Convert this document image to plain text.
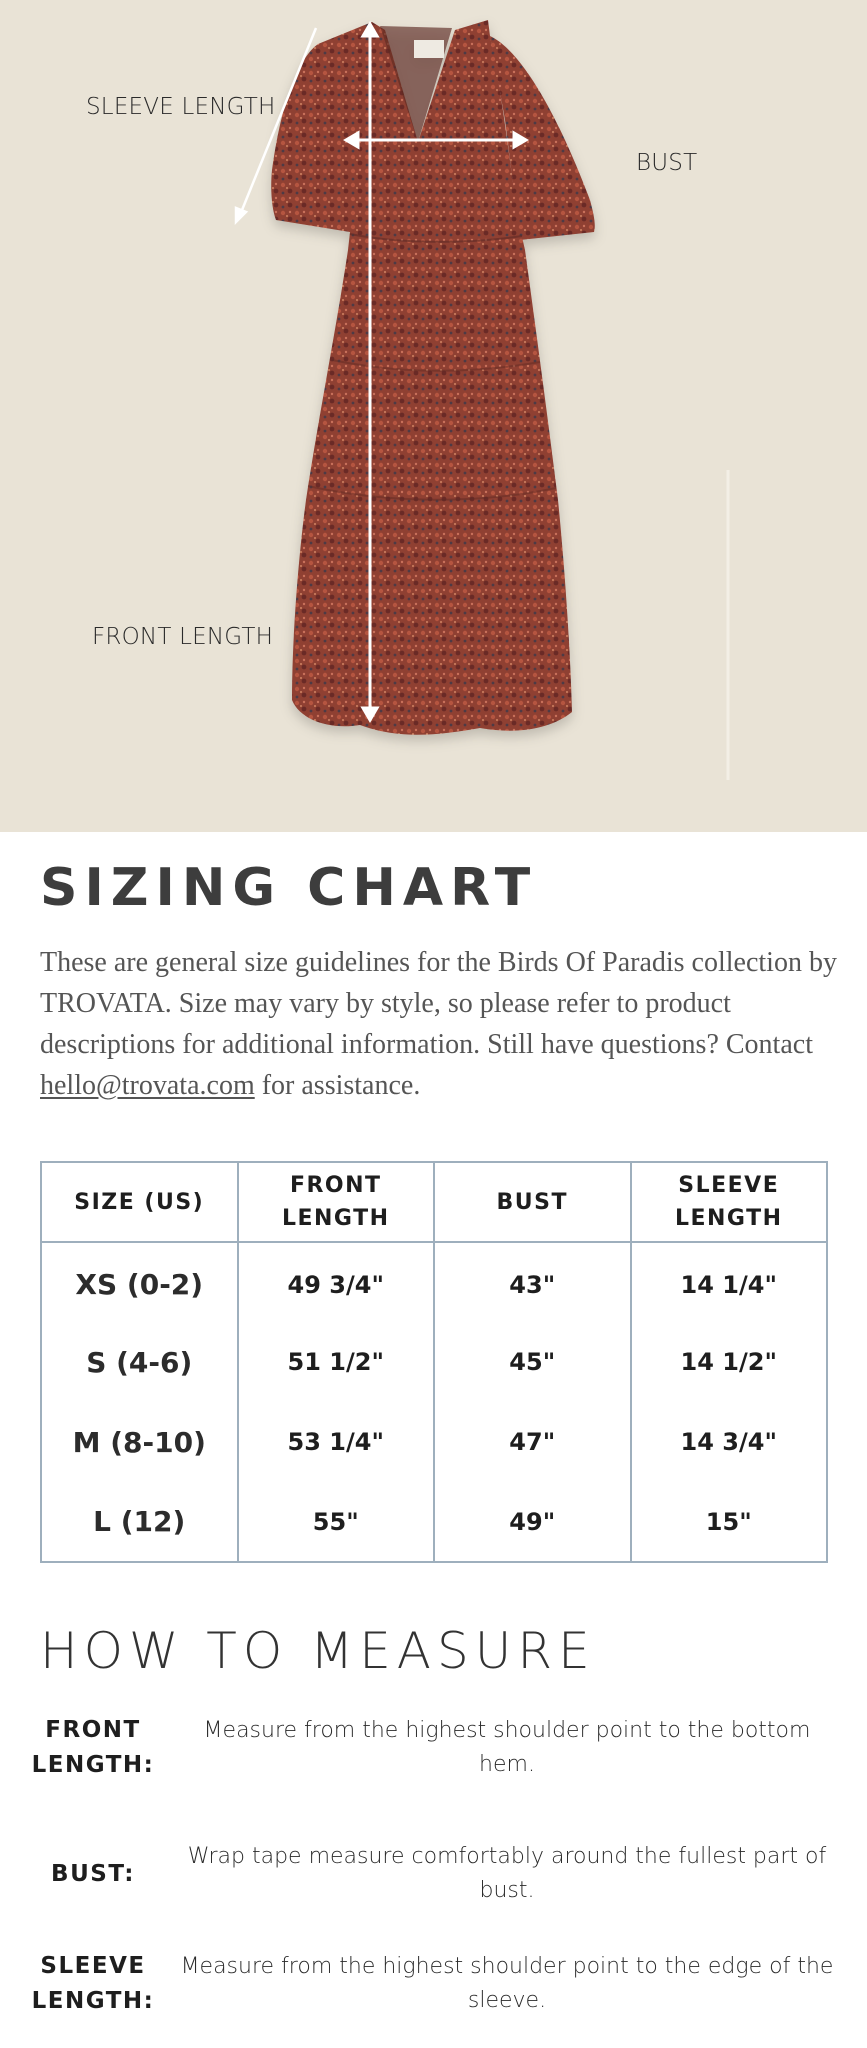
SLEEVE LENGTH
BUST
FRONT LENGTH
SIZING CHART

These are general size guidelines for the Birds Of Paradis collection by TROVATA. Size may vary by style, so please refer to product descriptions for additional information. Still have questions? Contact hello@trovata.com for assistance.

SIZE (US)	FRONT LENGTH	BUST	SLEEVE LENGTH
XS (0-2)	49 3/4"	43"	14 1/4"
S (4-6)	51 1/2"	45"	14 1/2"
M (8-10)	53 1/4"	47"	14 3/4"
L (12)	55"	49"	15"
HOW TO MEASURE
FRONT LENGTH:
Measure from the highest shoulder point to the bottom hem.
BUST:
Wrap tape measure comfortably around the fullest part of bust.
SLEEVE LENGTH:
Measure from the highest shoulder point to the edge of the sleeve.
